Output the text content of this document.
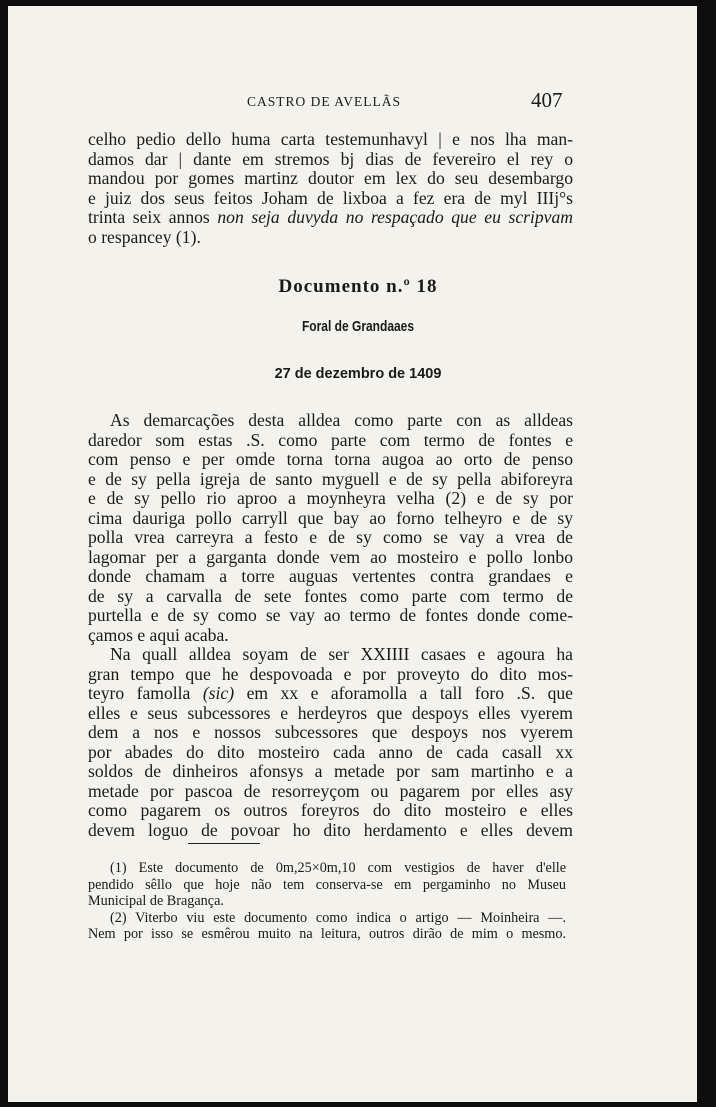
CASTRO DE AVELLÃS	407
celho pedio dello huma carta testemunhavyl | e nos lha man-
damos dar | dante em stremos bj dias de fevereiro el rey o
mandou por gomes martinz doutor em lex do seu desembargo
e juiz dos seus feitos Joham de lixboa a fez era de myl IIIj°s
trinta seix annos non seja duvyda no respaçado que eu scripvam
o respancey (1).
Documento n.º 18
Foral de Grandaaes
27 de dezembro de 1409
As demarcações desta alldea como parte con as alldeas
daredor som estas .S. como parte com termo de fontes e
com penso e per omde torna torna augoa ao orto de penso
e de sy pella igreja de santo myguell e de sy pella abiforeyra
e de sy pello rio aproo a moynheyra velha (2) e de sy por
cima dauriga pollo carryll que bay ao forno telheyro e de sy
polla vrea carreyra a festo e de sy como se vay a vrea de
lagomar per a garganta donde vem ao mosteiro e pollo lonbo
donde chamam a torre auguas vertentes contra grandaes e
de sy a carvalla de sete fontes como parte com termo de
purtella e de sy como se vay ao termo de fontes donde come-
çamos e aqui acaba.
Na quall alldea soyam de ser XXIIII casaes e agoura ha
gran tempo que he despovoada e por proveyto do dito mos-
teyro famolla (sic) em xx e aforamolla a tall foro .S. que
elles e seus subcessores e herdeyros que despoys elles vyerem
dem a nos e nossos subcessores que despoys nos vyerem
por abades do dito mosteiro cada anno de cada casall xx
soldos de dinheiros afonsys a metade por sam martinho e a
metade por pascoa de resorreyçom ou pagarem por elles asy
como pagarem os outros foreyros do dito mosteiro e elles
devem loguo de povoar ho dito herdamento e elles devem
(1) Este documento de 0m,25×0m,10 com vestigios de haver d'elle
pendido sêllo que hoje não tem conserva-se em pergaminho no Museu
Municipal de Bragança.
(2) Viterbo viu este documento como indica o artigo — Moinheira —.
Nem por isso se esmêrou muito na leitura, outros dirão de mim o mesmo.
